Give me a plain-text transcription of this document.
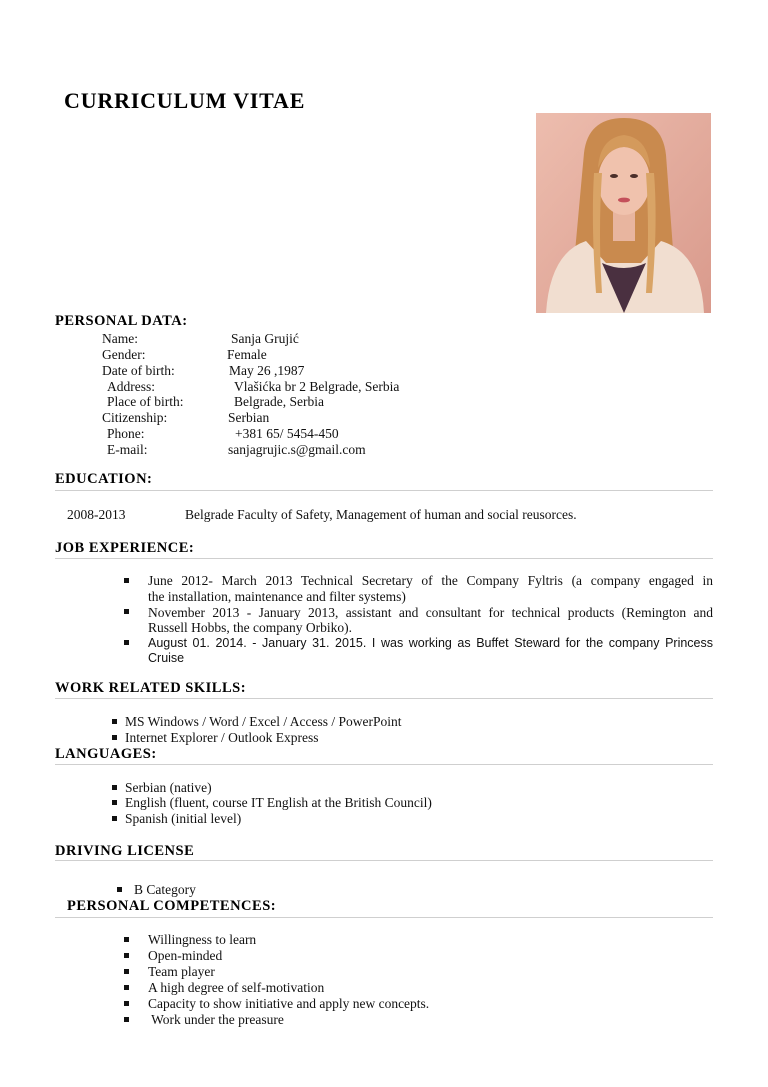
CURRICULUM VITAE
PERSONAL DATA:
Name:	Sanja Grujić
Gender:	Female
Date of birth:	May 26 ,1987
Address:	Vlašićka br 2 Belgrade, Serbia
Place of birth:	Belgrade, Serbia
Citizenship:	Serbian
Phone:	+381 65/ 5454-450
E-mail:	sanjagrujic.s@gmail.com
EDUCATION:
2008-2013	Belgrade Faculty of Safety, Management of human and social reusorces.
JOB EXPERIENCE:
June 2012- March 2013 Technical Secretary of the Company Fyltris (a company engaged in
the installation, maintenance and filter systems)
November 2013 - January 2013, assistant and consultant for technical products (Remington and
Russell Hobbs, the company Orbiko).
August 01. 2014. - January 31. 2015. I was working as Buffet Steward for the company Princess
Cruise
WORK RELATED SKILLS:
MS Windows / Word / Excel / Access / PowerPoint
Internet Explorer / Outlook Express
LANGUAGES:
Serbian (native)
English (fluent, course IT English at the British Council)
Spanish (initial level)
DRIVING LICENSE
B Category
PERSONAL COMPETENCES:
Willingness to learn
Open-minded
Team player
A high degree of self-motivation
Capacity to show initiative and apply new concepts.
Work under the preasure
